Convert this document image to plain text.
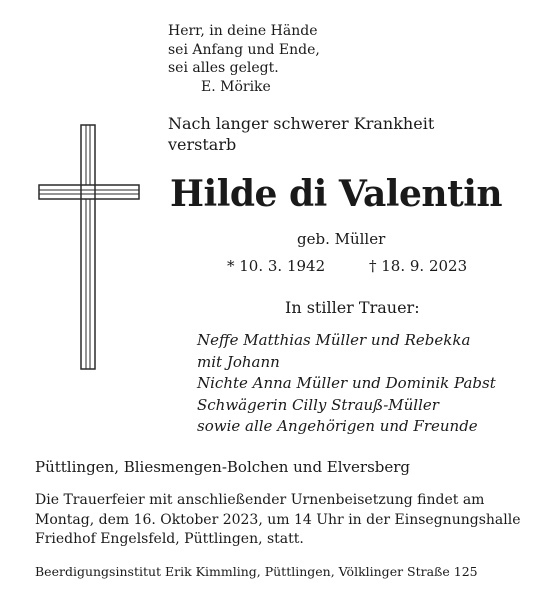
Herr, in deine Hände
sei Anfang und Ende,
sei alles gelegt.
E. Mörike
Nach langer schwerer Krankheit
verstarb
Hilde di Valentin
geb. Müller
* 10. 3. 1942	† 18. 9. 2023
In stiller Trauer:
Neffe Matthias Müller und Rebekka
mit Johann
Nichte Anna Müller und Dominik Pabst
Schwägerin Cilly Strauß-Müller
sowie alle Angehörigen und Freunde
Püttlingen, Bliesmengen-Bolchen und Elversberg
Die Trauerfeier mit anschließender Urnenbeisetzung findet am
Montag, dem 16. Oktober 2023, um 14 Uhr in der Einsegnungshalle
Friedhof Engelsfeld, Püttlingen, statt.
Beerdigungsinstitut Erik Kimmling, Püttlingen, Völklinger Straße 125
